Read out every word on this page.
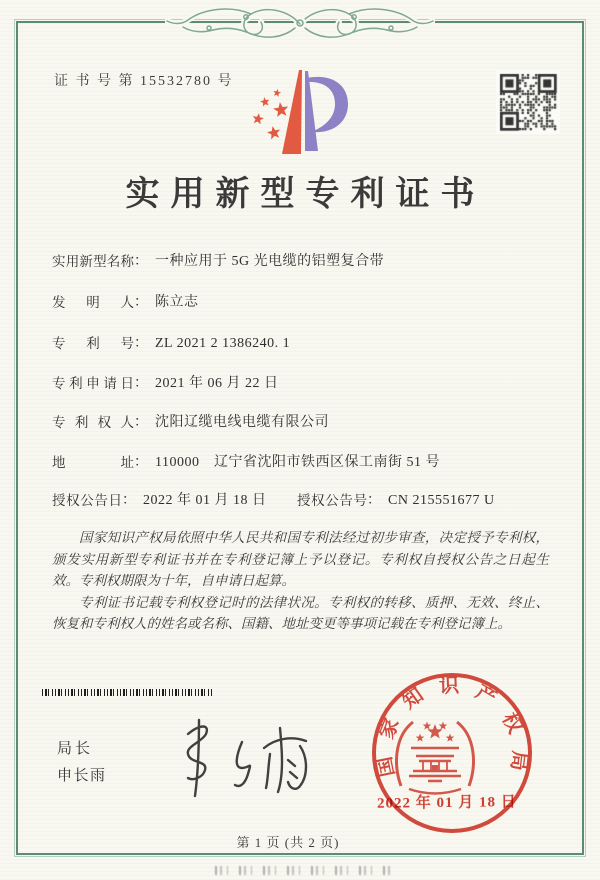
证 书 号 第 15532780 号
实用新型专利证书
实用新型名称： 一种应用于 5G 光电缆的铝塑复合带
发明人： 陈立志
专利号： ZL 2021 2 1386240. 1
专利申请日： 2021 年 06 月 22 日
专利权人： 沈阳辽缆电线电缆有限公司
地址： 110000　辽宁省沈阳市铁西区保工南街 51 号
授权公告日： 2022 年 01 月 18 日 授权公告号： CN 215551677 U

国家知识产权局依照中华人民共和国专利法经过初步审查，决定授予专利权，颁发实用新型专利证书并在专利登记簿上予以登记。专利权自授权公告之日起生效。专利权期限为十年，自申请日起算。

专利证书记载专利权登记时的法律状况。专利权的转移、质押、无效、终止、恢复和专利权人的姓名或名称、国籍、地址变更等事项记载在专利登记簿上。

局长
申长雨	国家知识产权局
2022 年 01 月 18 日
第 1 页 (共 2 页)
